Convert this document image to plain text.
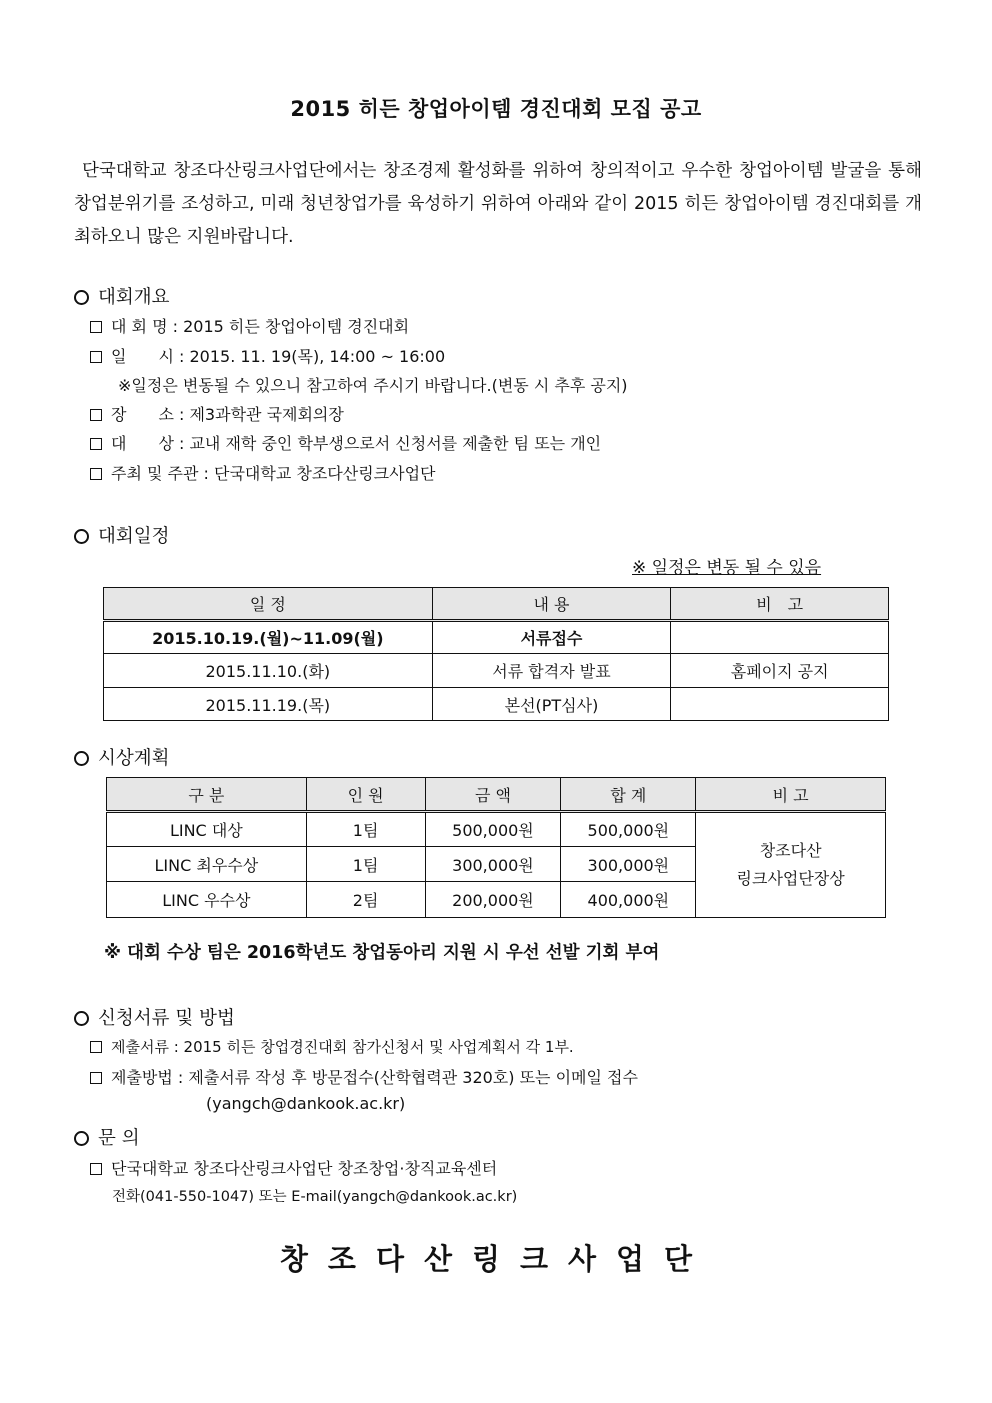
2015 히든 창업아이템 경진대회 모집 공고
단국대학교 창조다산링크사업단에서는 창조경제 활성화를 위하여 창의적이고 우수한 창업아이템 발굴을 통해 창업분위기를 조성하고, 미래 청년창업가를 육성하기 위하여 아래와 같이 2015 히든 창업아이템 경진대회를 개최하오니 많은 지원바랍니다.
대회개요
대 회 명 : 2015 히든 창업아이템 경진대회
일　　시 : 2015. 11. 19(목), 14:00 ~ 16:00
※일정은 변동될 수 있으니 참고하여 주시기 바랍니다.(변동 시 추후 공지)
장　　소 : 제3과학관 국제회의장
대　　상 : 교내 재학 중인 학부생으로서 신청서를 제출한 팀 또는 개인
주최 및 주관 : 단국대학교 창조다산링크사업단
대회일정
※ 일정은 변동 될 수 있음
일 정	내 용	비　고
2015.10.19.(월)~11.09(월)	서류접수	
2015.11.10.(화)	서류 합격자 발표	홈페이지 공지
2015.11.19.(목)	본선(PT심사)	
시상계획
구 분	인 원	금 액	합 계	비 고
LINC 대상	1팀	500,000원	500,000원	창조다산
링크사업단장상

LINC 최우수상	1팀	300,000원	300,000원	
LINC 우수상	2팀	200,000원	400,000원	
※ 대회 수상 팀은 2016학년도 창업동아리 지원 시 우선 선발 기회 부여
신청서류 및 방법
제출서류 : 2015 히든 창업경진대회 참가신청서 및 사업계획서 각 1부.
제출방법 : 제출서류 작성 후 방문접수(산학협력관 320호) 또는 이메일 접수
(yangch@dankook.ac.kr)
문 의
단국대학교 창조다산링크사업단 창조창업·창직교육센터
전화(041-550-1047) 또는 E-mail(yangch@dankook.ac.kr)
창조다산링크사업단
